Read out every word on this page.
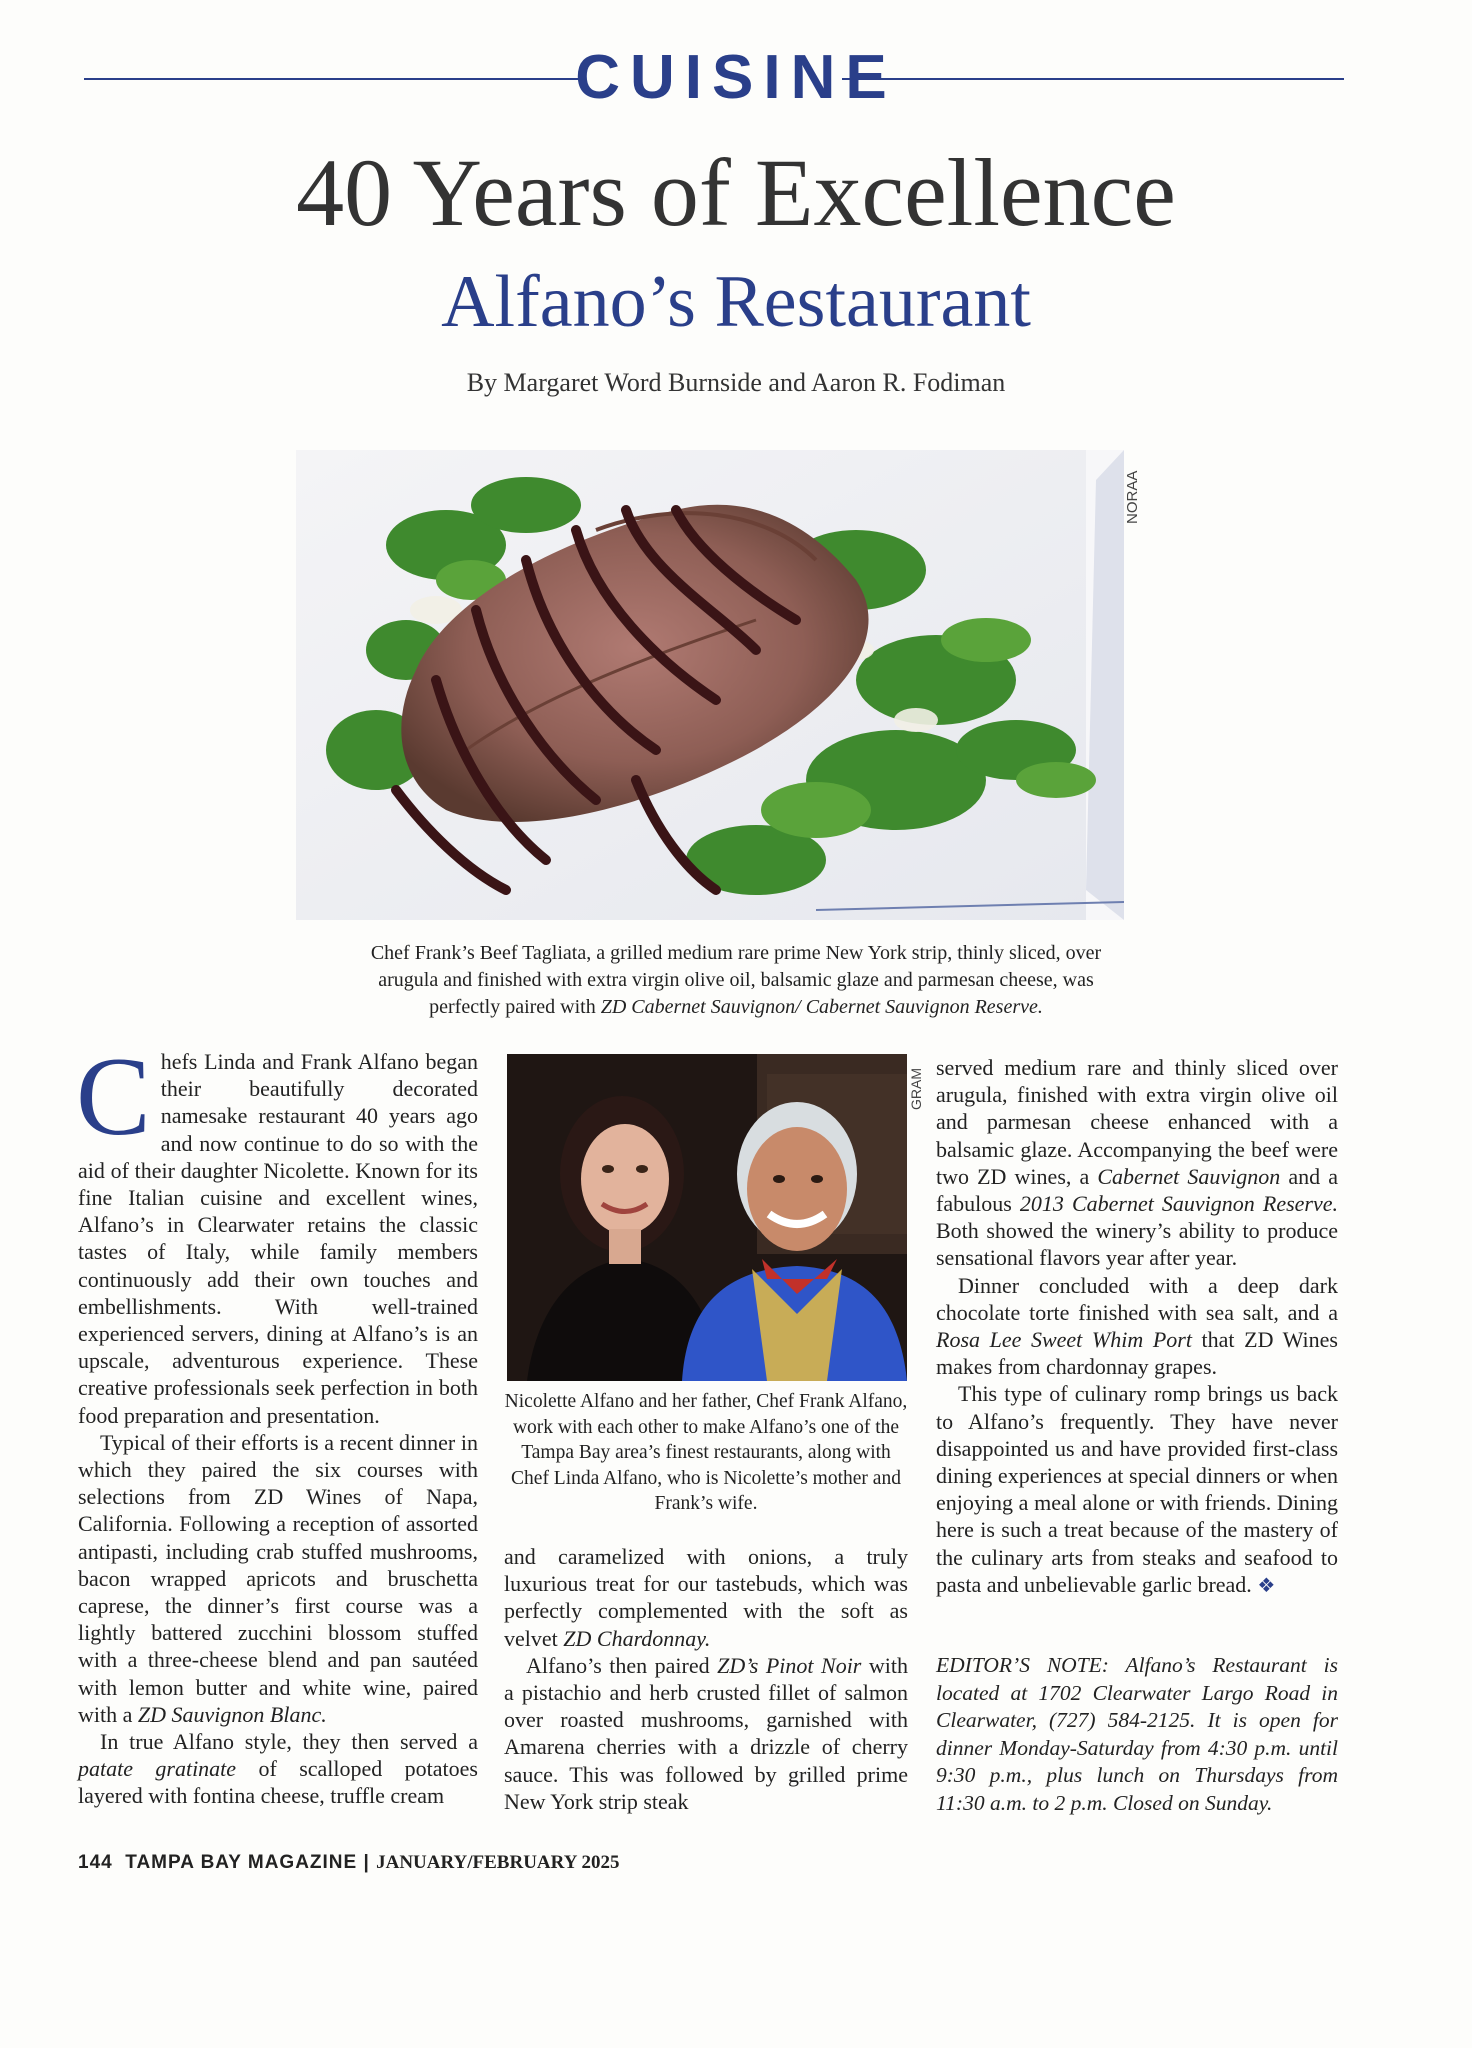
CUISINE
40 Years of Excellence
Alfano’s Restaurant
By Margaret Word Burnside and Aaron R. Fodiman
NORAA
Chef Frank’s Beef Tagliata, a grilled medium rare prime New York strip, thinly sliced, over
arugula and finished with extra virgin olive oil, balsamic glaze and parmesan cheese, was
perfectly paired with ZD Cabernet Sauvignon/ Cabernet Sauvignon Reserve.

Chefs Linda and Frank Alfano began their beautifully decorated namesake restaurant 40 years ago and now continue to do so with the aid of their daughter Nicolette. Known for its fine Italian cuisine and excellent wines, Alfano’s in Clearwater retains the classic tastes of Italy, while family members continuously add their own touches and embellishments. With well-trained experienced servers, dining at Alfano’s is an upscale, adventurous experience. These creative professionals seek perfection in both food preparation and presentation.

Typical of their efforts is a recent dinner in which they paired the six courses with selections from ZD Wines of Napa, California. Following a reception of assorted antipasti, including crab stuffed mushrooms, bacon wrapped apricots and bruschetta caprese, the dinner’s first course was a lightly battered zucchini blossom stuffed with a three-cheese blend and pan sautéed with lemon butter and white wine, paired with a ZD Sauvignon Blanc.

In true Alfano style, they then served a patate gratinate of scalloped potatoes layered with fontina cheese, truffle cream

GRAM
Nicolette Alfano and her father, Chef Frank Alfano, work with each other to make Alfano’s one of the Tampa Bay area’s finest restaurants, along with Chef Linda Alfano, who is Nicolette’s mother and Frank’s wife.

and caramelized with onions, a truly luxurious treat for our tastebuds, which was perfectly complemented with the soft as velvet ZD Chardonnay.

Alfano’s then paired ZD’s Pinot Noir with a pistachio and herb crusted fillet of salmon over roasted mushrooms, garnished with Amarena cherries with a drizzle of cherry sauce. This was followed by grilled prime New York strip steak

served medium rare and thinly sliced over arugula, finished with extra virgin olive oil and parmesan cheese enhanced with a balsamic glaze. Accompanying the beef were two ZD wines, a Cabernet Sauvignon and a fabulous 2013 Cabernet Sauvignon Reserve. Both showed the winery’s ability to produce sensational flavors year after year.

Dinner concluded with a deep dark chocolate torte finished with sea salt, and a Rosa Lee Sweet Whim Port that ZD Wines makes from chardonnay grapes.

This type of culinary romp brings us back to Alfano’s frequently. They have never disappointed us and have provided first-class dining experiences at special dinners or when enjoying a meal alone or with friends. Dining here is such a treat because of the mastery of the culinary arts from steaks and seafood to pasta and unbelievable garlic bread. ❖

EDITOR’S NOTE: Alfano’s Restaurant is located at 1702 Clearwater Largo Road in Clearwater, (727) 584-2125. It is open for dinner Monday-Saturday from 4:30 p.m. until 9:30 p.m., plus lunch on Thursdays from 11:30 a.m. to 2 p.m. Closed on Sunday.
144 TAMPA BAY MAGAZINE | JANUARY/FEBRUARY 2025
